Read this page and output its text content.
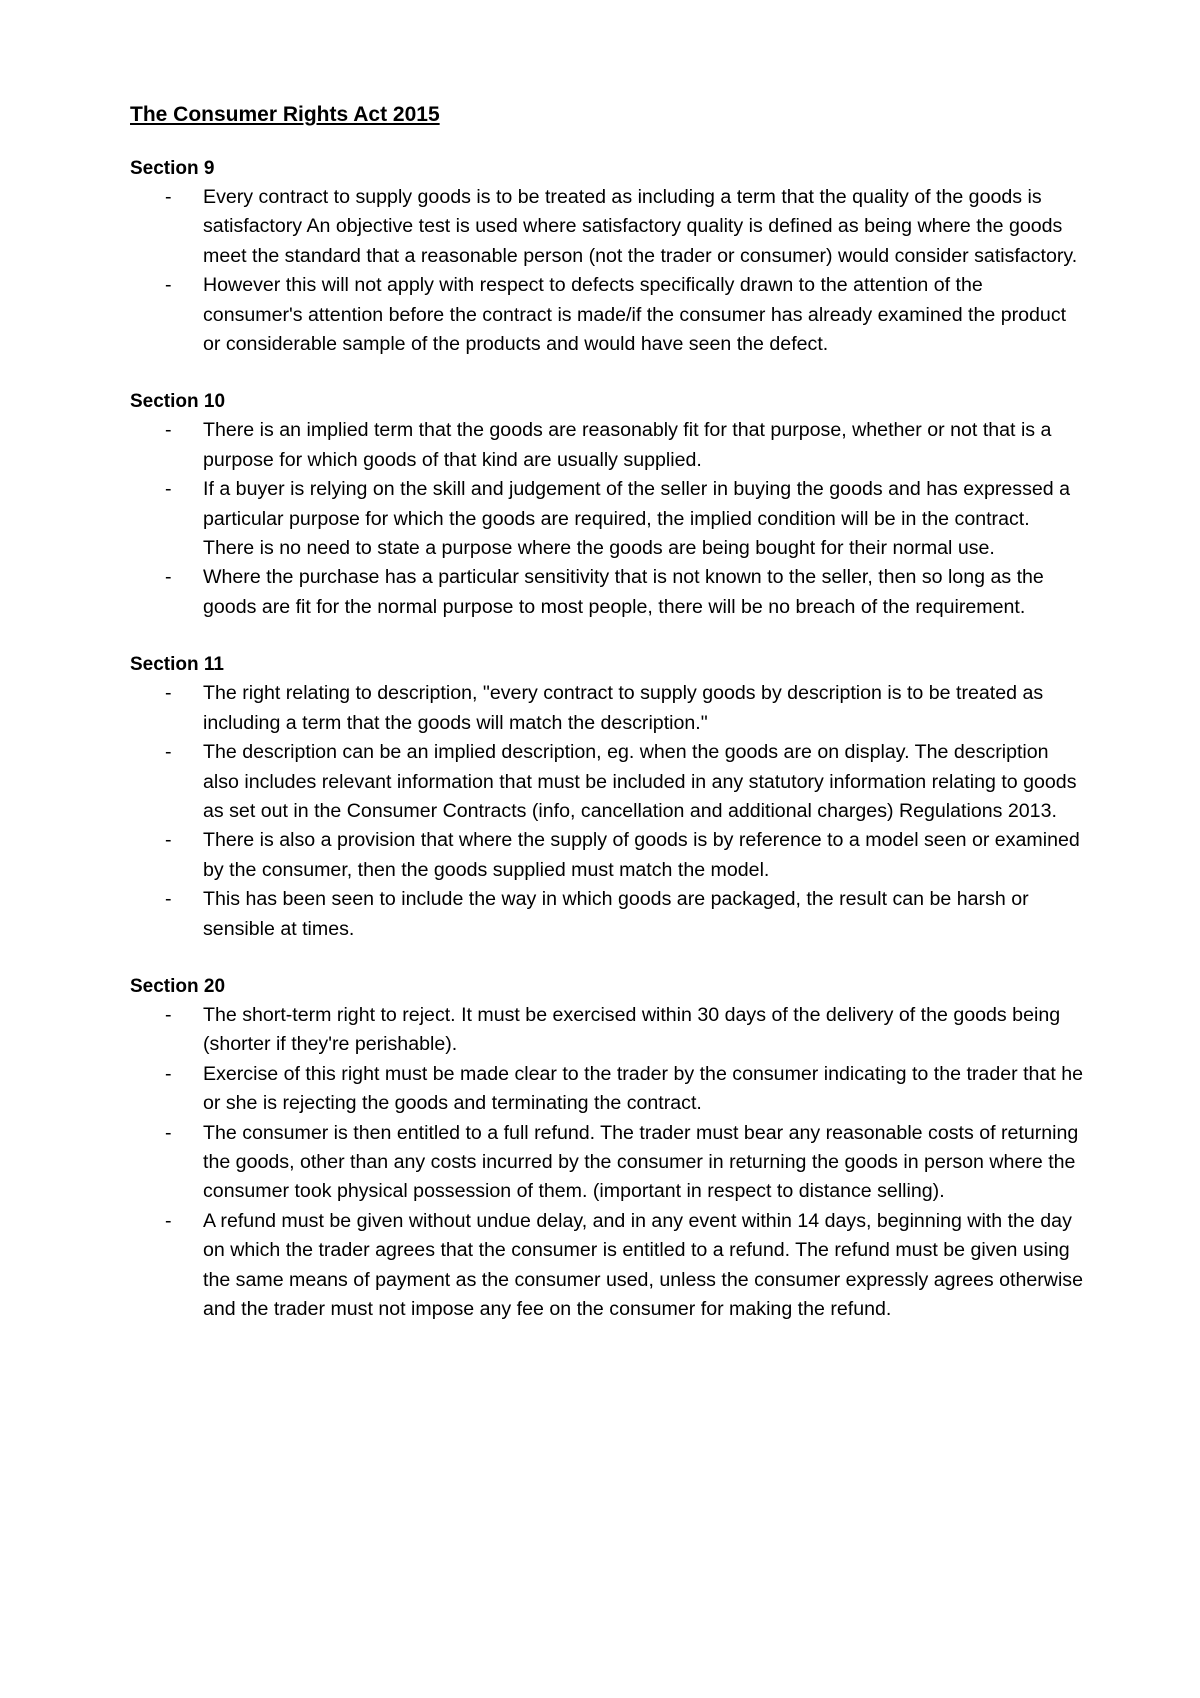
The Consumer Rights Act 2015
Section 9
- Every contract to supply goods is to be treated as including a term that the quality of the goods is satisfactory An objective test is used where satisfactory quality is defined as being where the goods meet the standard that a reasonable person (not the trader or consumer) would consider satisfactory.
- However this will not apply with respect to defects specifically drawn to the attention of the consumer's attention before the contract is made/if the consumer has already examined the product or considerable sample of the products and would have seen the defect.
Section 10
- There is an implied term that the goods are reasonably fit for that purpose, whether or not that is a purpose for which goods of that kind are usually supplied.
- If a buyer is relying on the skill and judgement of the seller in buying the goods and has expressed a particular purpose for which the goods are required, the implied condition will be in the contract. There is no need to state a purpose where the goods are being bought for their normal use.
- Where the purchase has a particular sensitivity that is not known to the seller, then so long as the goods are fit for the normal purpose to most people, there will be no breach of the requirement.
Section 11
- The right relating to description, "every contract to supply goods by description is to be treated as including a term that the goods will match the description."
- The description can be an implied description, eg. when the goods are on display. The description also includes relevant information that must be included in any statutory information relating to goods as set out in the Consumer Contracts (info, cancellation and additional charges) Regulations 2013.
- There is also a provision that where the supply of goods is by reference to a model seen or examined by the consumer, then the goods supplied must match the model.
- This has been seen to include the way in which goods are packaged, the result can be harsh or sensible at times.
Section 20
- The short-term right to reject. It must be exercised within 30 days of the delivery of the goods being (shorter if they're perishable).
- Exercise of this right must be made clear to the trader by the consumer indicating to the trader that he or she is rejecting the goods and terminating the contract.
- The consumer is then entitled to a full refund. The trader must bear any reasonable costs of returning the goods, other than any costs incurred by the consumer in returning the goods in person where the consumer took physical possession of them. (important in respect to distance selling).
- A refund must be given without undue delay, and in any event within 14 days, beginning with the day on which the trader agrees that the consumer is entitled to a refund. The refund must be given using the same means of payment as the consumer used, unless the consumer expressly agrees otherwise and the trader must not impose any fee on the consumer for making the refund.
